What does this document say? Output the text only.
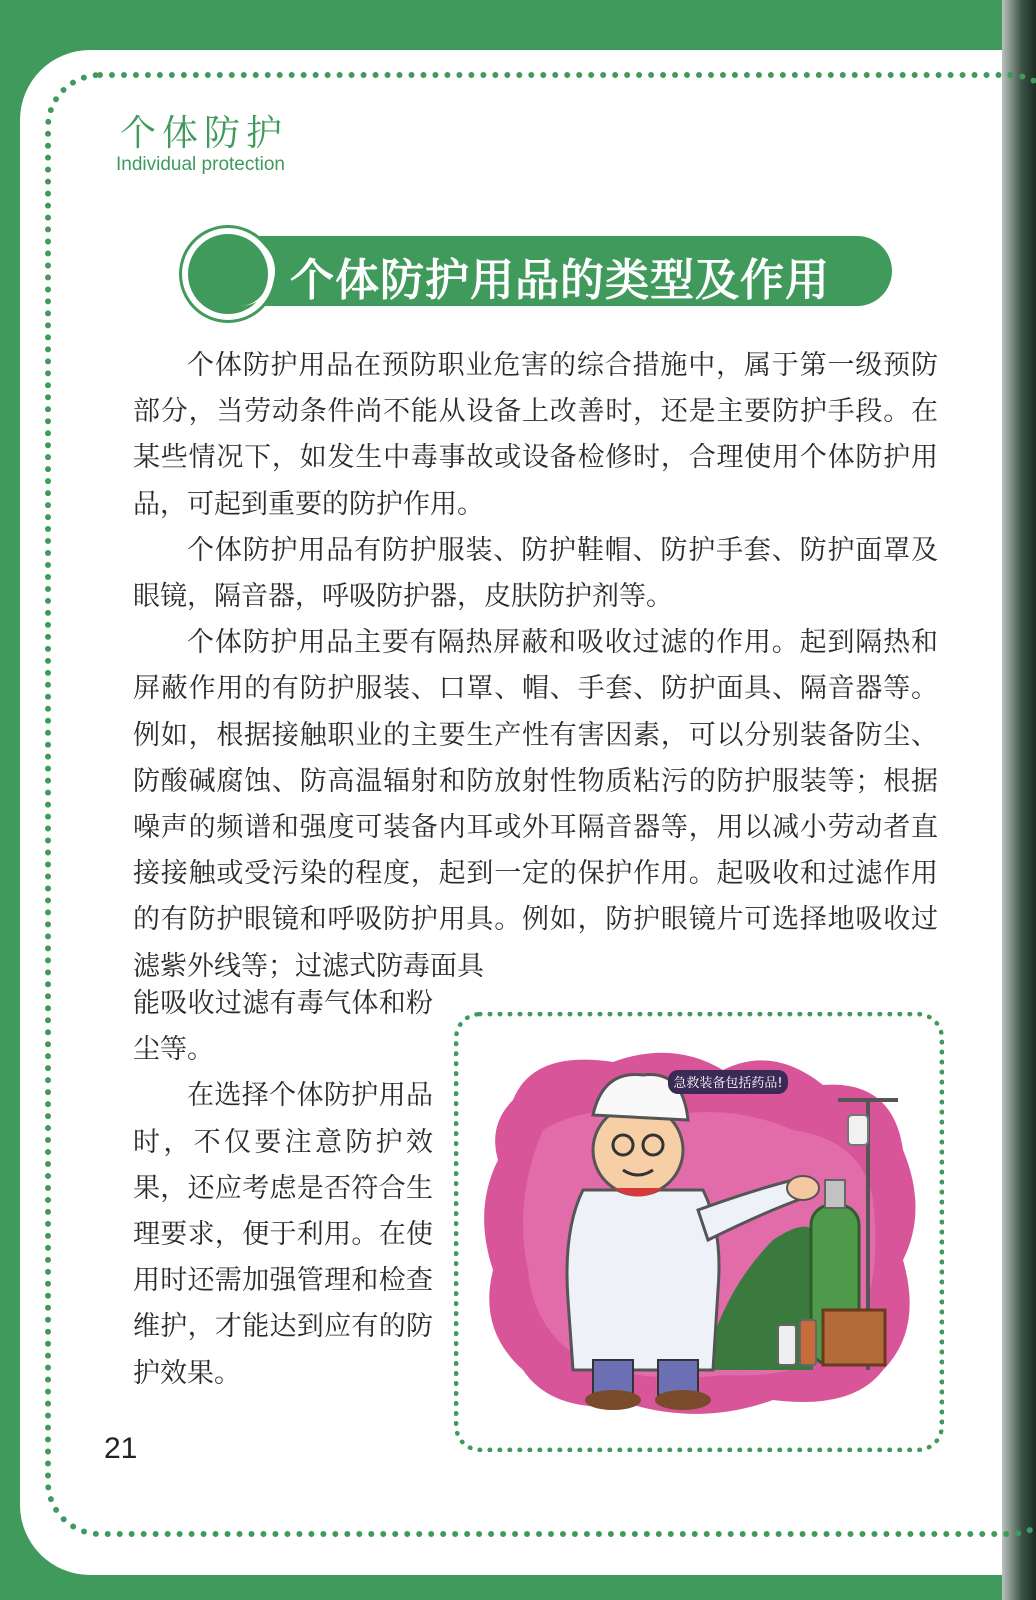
个体防护
Individual protection
个体防护用品的类型及作用

个体防护用品在预防职业危害的综合措施中，属于第一级预防部分，当劳动条件尚不能从设备上改善时，还是主要防护手段。在某些情况下，如发生中毒事故或设备检修时，合理使用个体防护用品，可起到重要的防护作用。

个体防护用品有防护服装、防护鞋帽、防护手套、防护面罩及眼镜，隔音器，呼吸防护器，皮肤防护剂等。

个体防护用品主要有隔热屏蔽和吸收过滤的作用。起到隔热和屏蔽作用的有防护服装、口罩、帽、手套、防护面具、隔音器等。例如，根据接触职业的主要生产性有害因素，可以分别装备防尘、防酸碱腐蚀、防高温辐射和防放射性物质粘污的防护服装等；根据噪声的频谱和强度可装备内耳或外耳隔音器等，用以减小劳动者直接接触或受污染的程度，起到一定的保护作用。起吸收和过滤作用的有防护眼镜和呼吸防护用具。例如，防护眼镜片可选择地吸收过滤紫外线等；过滤式防毒面具

能吸收过滤有毒气体和粉尘等。

在选择个体防护用品时，不仅要注意防护效果，还应考虑是否符合生理要求，便于利用。在使用时还需加强管理和检查维护，才能达到应有的防护效果。

急救装备包括药品!
21
